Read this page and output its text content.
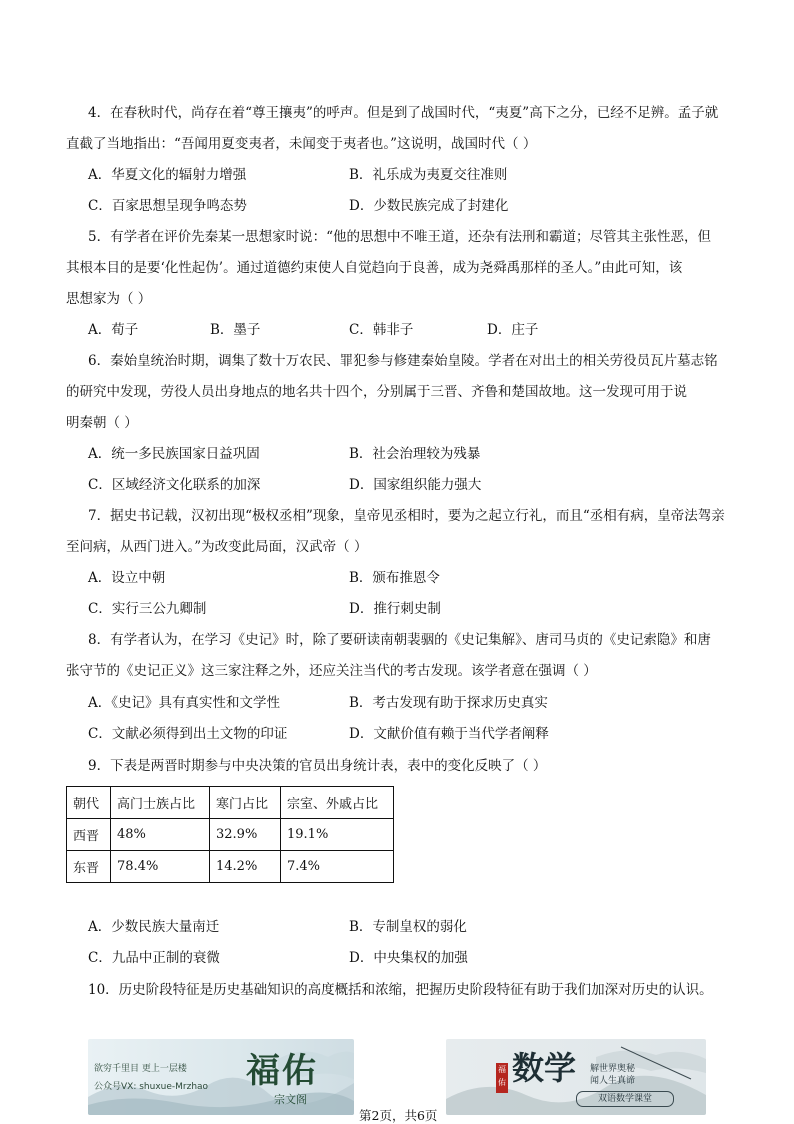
4．在春秋时代，尚存在着“尊王攘夷”的呼声。但是到了战国时代，“夷夏”高下之分，已经不足辨。孟子就
直截了当地指出：“吾闻用夏变夷者，未闻变于夷者也。”这说明，战国时代（ ）
A．华夏文化的辐射力增强	B．礼乐成为夷夏交往准则
C．百家思想呈现争鸣态势	D．少数民族完成了封建化
5．有学者在评价先秦某一思想家时说：“他的思想中不唯王道，还杂有法刑和霸道；尽管其主张性恶，但
其根本目的是要‘化性起伪’。通过道德约束使人自觉趋向于良善，成为尧舜禹那样的圣人。”由此可知，该
思想家为（ ）
A．荀子	B．墨子	C．韩非子	D．庄子
6．秦始皇统治时期，调集了数十万农民、罪犯参与修建秦始皇陵。学者在对出土的相关劳役员瓦片墓志铭
的研究中发现，劳役人员出身地点的地名共十四个，分别属于三晋、齐鲁和楚国故地。这一发现可用于说
明秦朝（ ）
A．统一多民族国家日益巩固	B．社会治理较为残暴
C．区域经济文化联系的加深	D．国家组织能力强大
7．据史书记载，汉初出现“极权丞相”现象，皇帝见丞相时，要为之起立行礼，而且“丞相有病，皇帝法驾亲
至问病，从西门进入。”为改变此局面，汉武帝（ ）
A．设立中朝	B．颁布推恩令
C．实行三公九卿制	D．推行刺史制
8．有学者认为，在学习《史记》时，除了要研读南朝裴骃的《史记集解》、唐司马贞的《史记索隐》和唐
张守节的《史记正义》这三家注释之外，还应关注当代的考古发现。该学者意在强调（ ）
A．《史记》具有真实性和文学性	B．考古发现有助于探求历史真实
C．文献必须得到出土文物的印证	D．文献价值有赖于当代学者阐释
9．下表是两晋时期参与中央决策的官员出身统计表，表中的变化反映了（ ）
朝代	高门士族占比	寒门占比	宗室、外戚占比
西晋	48%	32.9%	19.1%
东晋	78.4%	14.2%	7.4%
A．少数民族大量南迁	B．专制皇权的弱化
C．九品中正制的衰微	D．中央集权的加强
10．历史阶段特征是历史基础知识的高度概括和浓缩，把握历史阶段特征有助于我们加深对历史的认识。
欲穷千里目 更上一层楼
公众号VX: shuxue-Mrzhao 福佑
宗文阁
数学
福佑
解世界奥秘
闻人生真谛
双语数学课堂
第2页，共6页
